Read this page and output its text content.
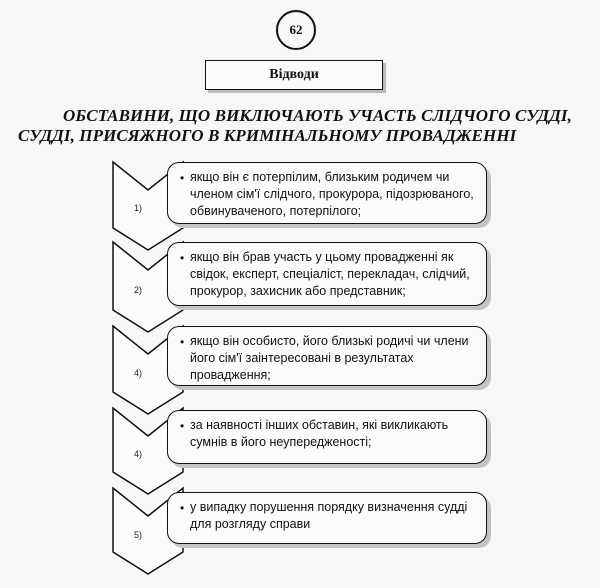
62
Відводи
ОБСТАВИНИ, ЩО ВИКЛЮЧАЮТЬ УЧАСТЬ СЛІДЧОГО СУДДІ,
СУДДІ, ПРИСЯЖНОГО В КРИМІНАЛЬНОМУ ПРОВАДЖЕННІ
1)
2)
4)
4)
5)
• якщо він є потерпілим, близьким родичем чи членом сім'ї слідчого, прокурора, підозрюваного, обвинуваченого, потерпілого;
• якщо він брав участь у цьому провадженні як свідок, експерт, спеціаліст, перекладач, слідчий, прокурор, захисник або представник;
• якщо він особисто, його близькі родичі чи члени його сім'ї заінтересовані в результатах провадження;
• за наявності інших обставин, які викликають сумнів в його неупередженості;
• у випадку порушення порядку визначення судді для розгляду справи
